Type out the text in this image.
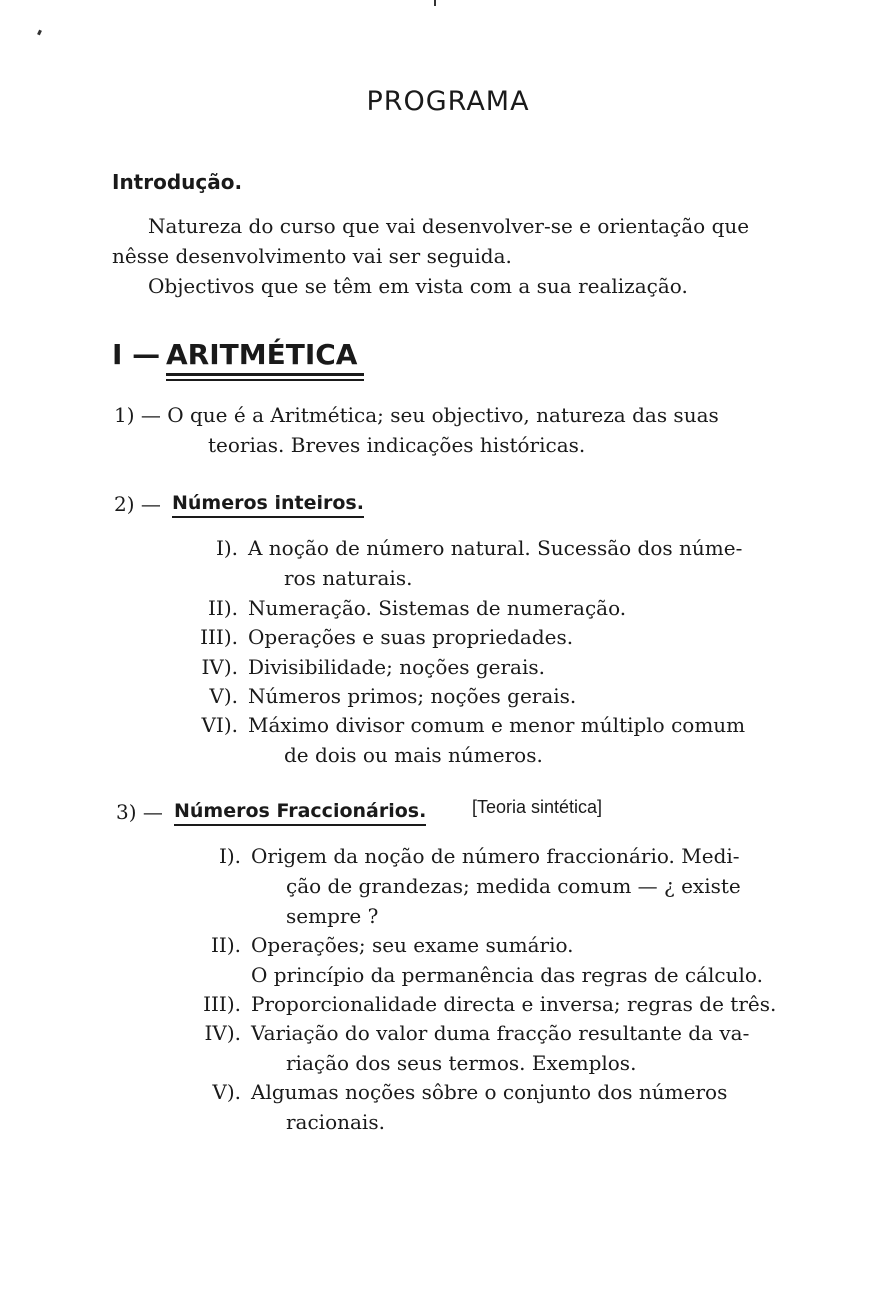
PROGRAMA
Introdução.
Natureza do curso que vai desenvolver-se e orientação que
nêsse desenvolvimento vai ser seguida.
Objectivos que se têm em vista com a sua realização.
I — ARITMÉTICA
1) — O que é a Aritmética; seu objectivo, natureza das suas
teorias. Breves indicações históricas.
2) — Números inteiros.
3) — Números Fraccionários.	[Teoria sintética]
I). A noção de número natural. Sucessão dos núme-
ros naturais.
II). Numeração. Sistemas de numeração.
III). Operações e suas propriedades.
IV). Divisibilidade; noções gerais.
V). Números primos; noções gerais.
VI). Máximo divisor comum e menor múltiplo comum
de dois ou mais números.
I). Origem da noção de número fraccionário. Medi-
ção de grandezas; medida comum — ¿ existe
sempre ?
II). Operações; seu exame sumário.
O princípio da permanência das regras de cálculo.
III). Proporcionalidade directa e inversa; regras de três.
IV). Variação do valor duma fracção resultante da va-
riação dos seus termos. Exemplos.
V). Algumas noções sôbre o conjunto dos números
racionais.
